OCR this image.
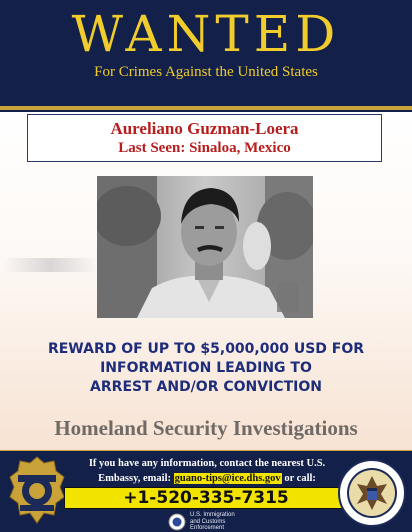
WANTED
For Crimes Against the United States
Aureliano Guzman-Loera
Last Seen: Sinaloa, Mexico
REWARD OF UP TO $5,000,000 USD FOR
INFORMATION LEADING TO
ARREST AND/OR CONVICTION
Homeland Security Investigations
If you have any information, contact the nearest U.S.
Embassy, email: guano-tips@ice.dhs.gov or call:
+1-520-335-7315
U.S. Immigration
and Customs
Enforcement
